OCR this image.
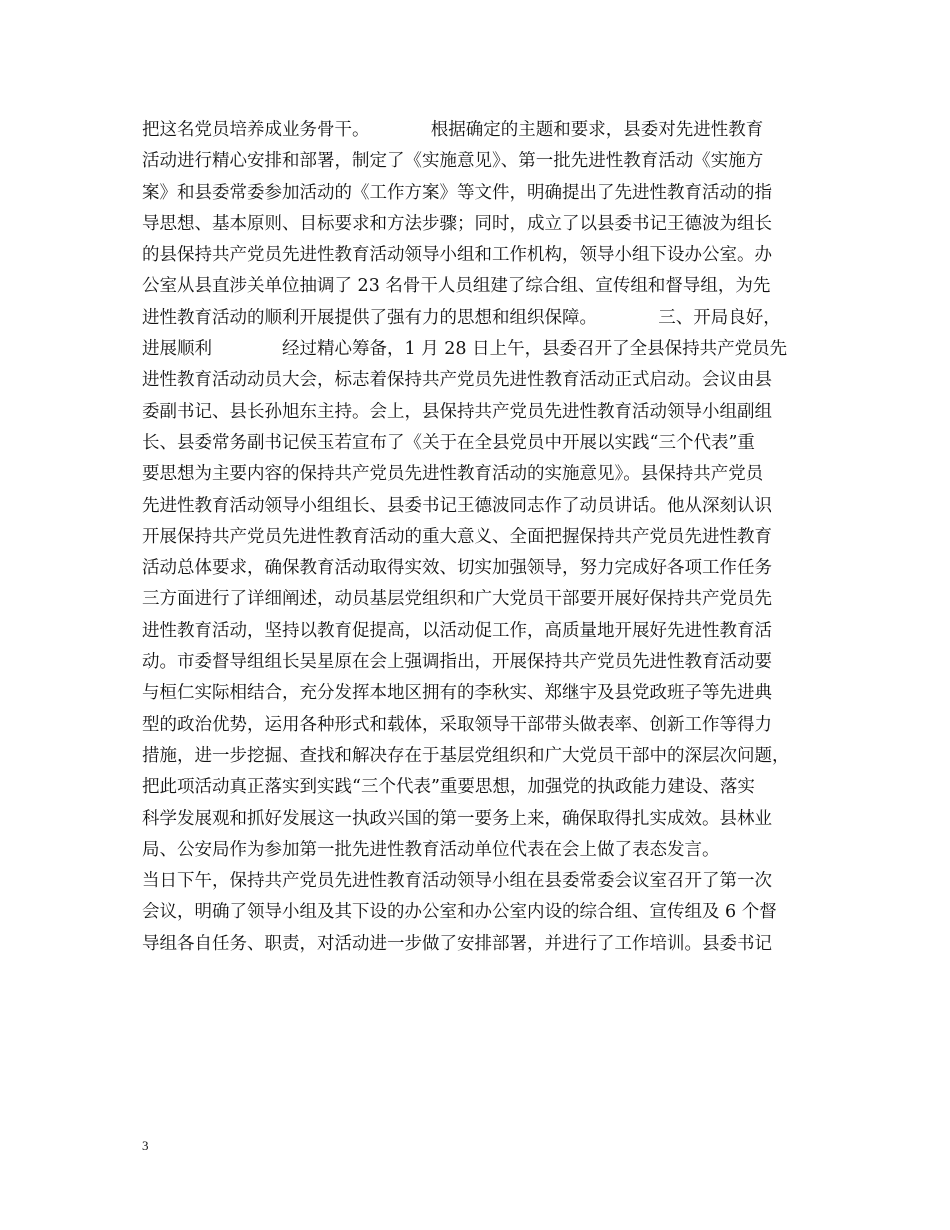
把这名党员培养成业务骨干。　　　　根据确定的主题和要求，县委对先进性教育
活动进行精心安排和部署，制定了《实施意见》、第一批先进性教育活动《实施方
案》和县委常委参加活动的《工作方案》等文件，明确提出了先进性教育活动的指
导思想、基本原则、目标要求和方法步骤；同时，成立了以县委书记王德波为组长
的县保持共产党员先进性教育活动领导小组和工作机构，领导小组下设办公室。办
公室从县直涉关单位抽调了 23 名骨干人员组建了综合组、宣传组和督导组，为先
进性教育活动的顺利开展提供了强有力的思想和组织保障。　　　　三、开局良好，
进展顺利　　　　经过精心筹备，1 月 28 日上午，县委召开了全县保持共产党员先
进性教育活动动员大会，标志着保持共产党员先进性教育活动正式启动。会议由县
委副书记、县长孙旭东主持。会上，县保持共产党员先进性教育活动领导小组副组
长、县委常务副书记侯玉若宣布了《关于在全县党员中开展以实践“三个代表”重
要思想为主要内容的保持共产党员先进性教育活动的实施意见》。县保持共产党员
先进性教育活动领导小组组长、县委书记王德波同志作了动员讲话。他从深刻认识
开展保持共产党员先进性教育活动的重大意义、全面把握保持共产党员先进性教育
活动总体要求，确保教育活动取得实效、切实加强领导，努力完成好各项工作任务
三方面进行了详细阐述，动员基层党组织和广大党员干部要开展好保持共产党员先
进性教育活动，坚持以教育促提高，以活动促工作，高质量地开展好先进性教育活
动。市委督导组组长吴星原在会上强调指出，开展保持共产党员先进性教育活动要
与桓仁实际相结合，充分发挥本地区拥有的李秋实、郑继宇及县党政班子等先进典
型的政治优势，运用各种形式和载体，采取领导干部带头做表率、创新工作等得力
措施，进一步挖掘、查找和解决存在于基层党组织和广大党员干部中的深层次问题，
把此项活动真正落实到实践“三个代表”重要思想，加强党的执政能力建设、落实
科学发展观和抓好发展这一执政兴国的第一要务上来，确保取得扎实成效。县林业
局、公安局作为参加第一批先进性教育活动单位代表在会上做了表态发言。
当日下午，保持共产党员先进性教育活动领导小组在县委常委会议室召开了第一次
会议，明确了领导小组及其下设的办公室和办公室内设的综合组、宣传组及 6 个督
导组各自任务、职责，对活动进一步做了安排部署，并进行了工作培训。县委书记
3
